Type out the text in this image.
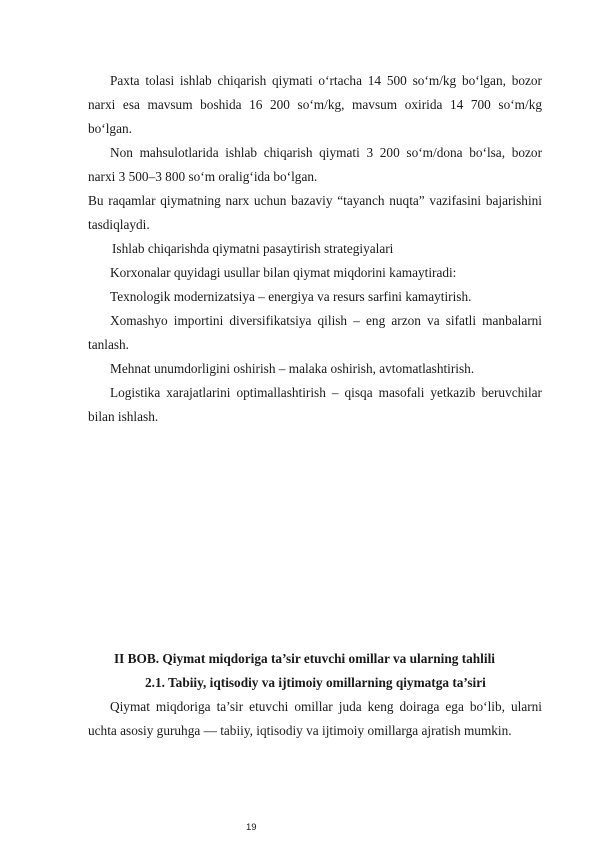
Paxta tolasi ishlab chiqarish qiymati o‘rtacha 14 500 so‘m/kg bo‘lgan, bozor narxi esa mavsum boshida 16 200 so‘m/kg, mavsum oxirida 14 700 so‘m/kg bo‘lgan.

Non mahsulotlarida ishlab chiqarish qiymati 3 200 so‘m/dona bo‘lsa, bozor narxi 3 500–3 800 so‘m oralig‘ida bo‘lgan.

Bu raqamlar qiymatning narx uchun bazaviy “tayanch nuqta” vazifasini bajarishini tasdiqlaydi.

Ishlab chiqarishda qiymatni pasaytirish strategiyalari

Korxonalar quyidagi usullar bilan qiymat miqdorini kamaytiradi:

Texnologik modernizatsiya – energiya va resurs sarfini kamaytirish.

Xomashyo importini diversifikatsiya qilish – eng arzon va sifatli manbalarni tanlash.

Mehnat unumdorligini oshirish – malaka oshirish, avtomatlashtirish.

Logistika xarajatlarini optimallashtirish – qisqa masofali yetkazib beruvchilar bilan ishlash.

II BOB. Qiymat miqdoriga ta’sir etuvchi omillar va ularning tahlili

2.1. Tabiiy, iqtisodiy va ijtimoiy omillarning qiymatga ta’siri

Qiymat miqdoriga ta’sir etuvchi omillar juda keng doiraga ega bo‘lib, ularni uchta asosiy guruhga — tabiiy, iqtisodiy va ijtimoiy omillarga ajratish mumkin.

19
